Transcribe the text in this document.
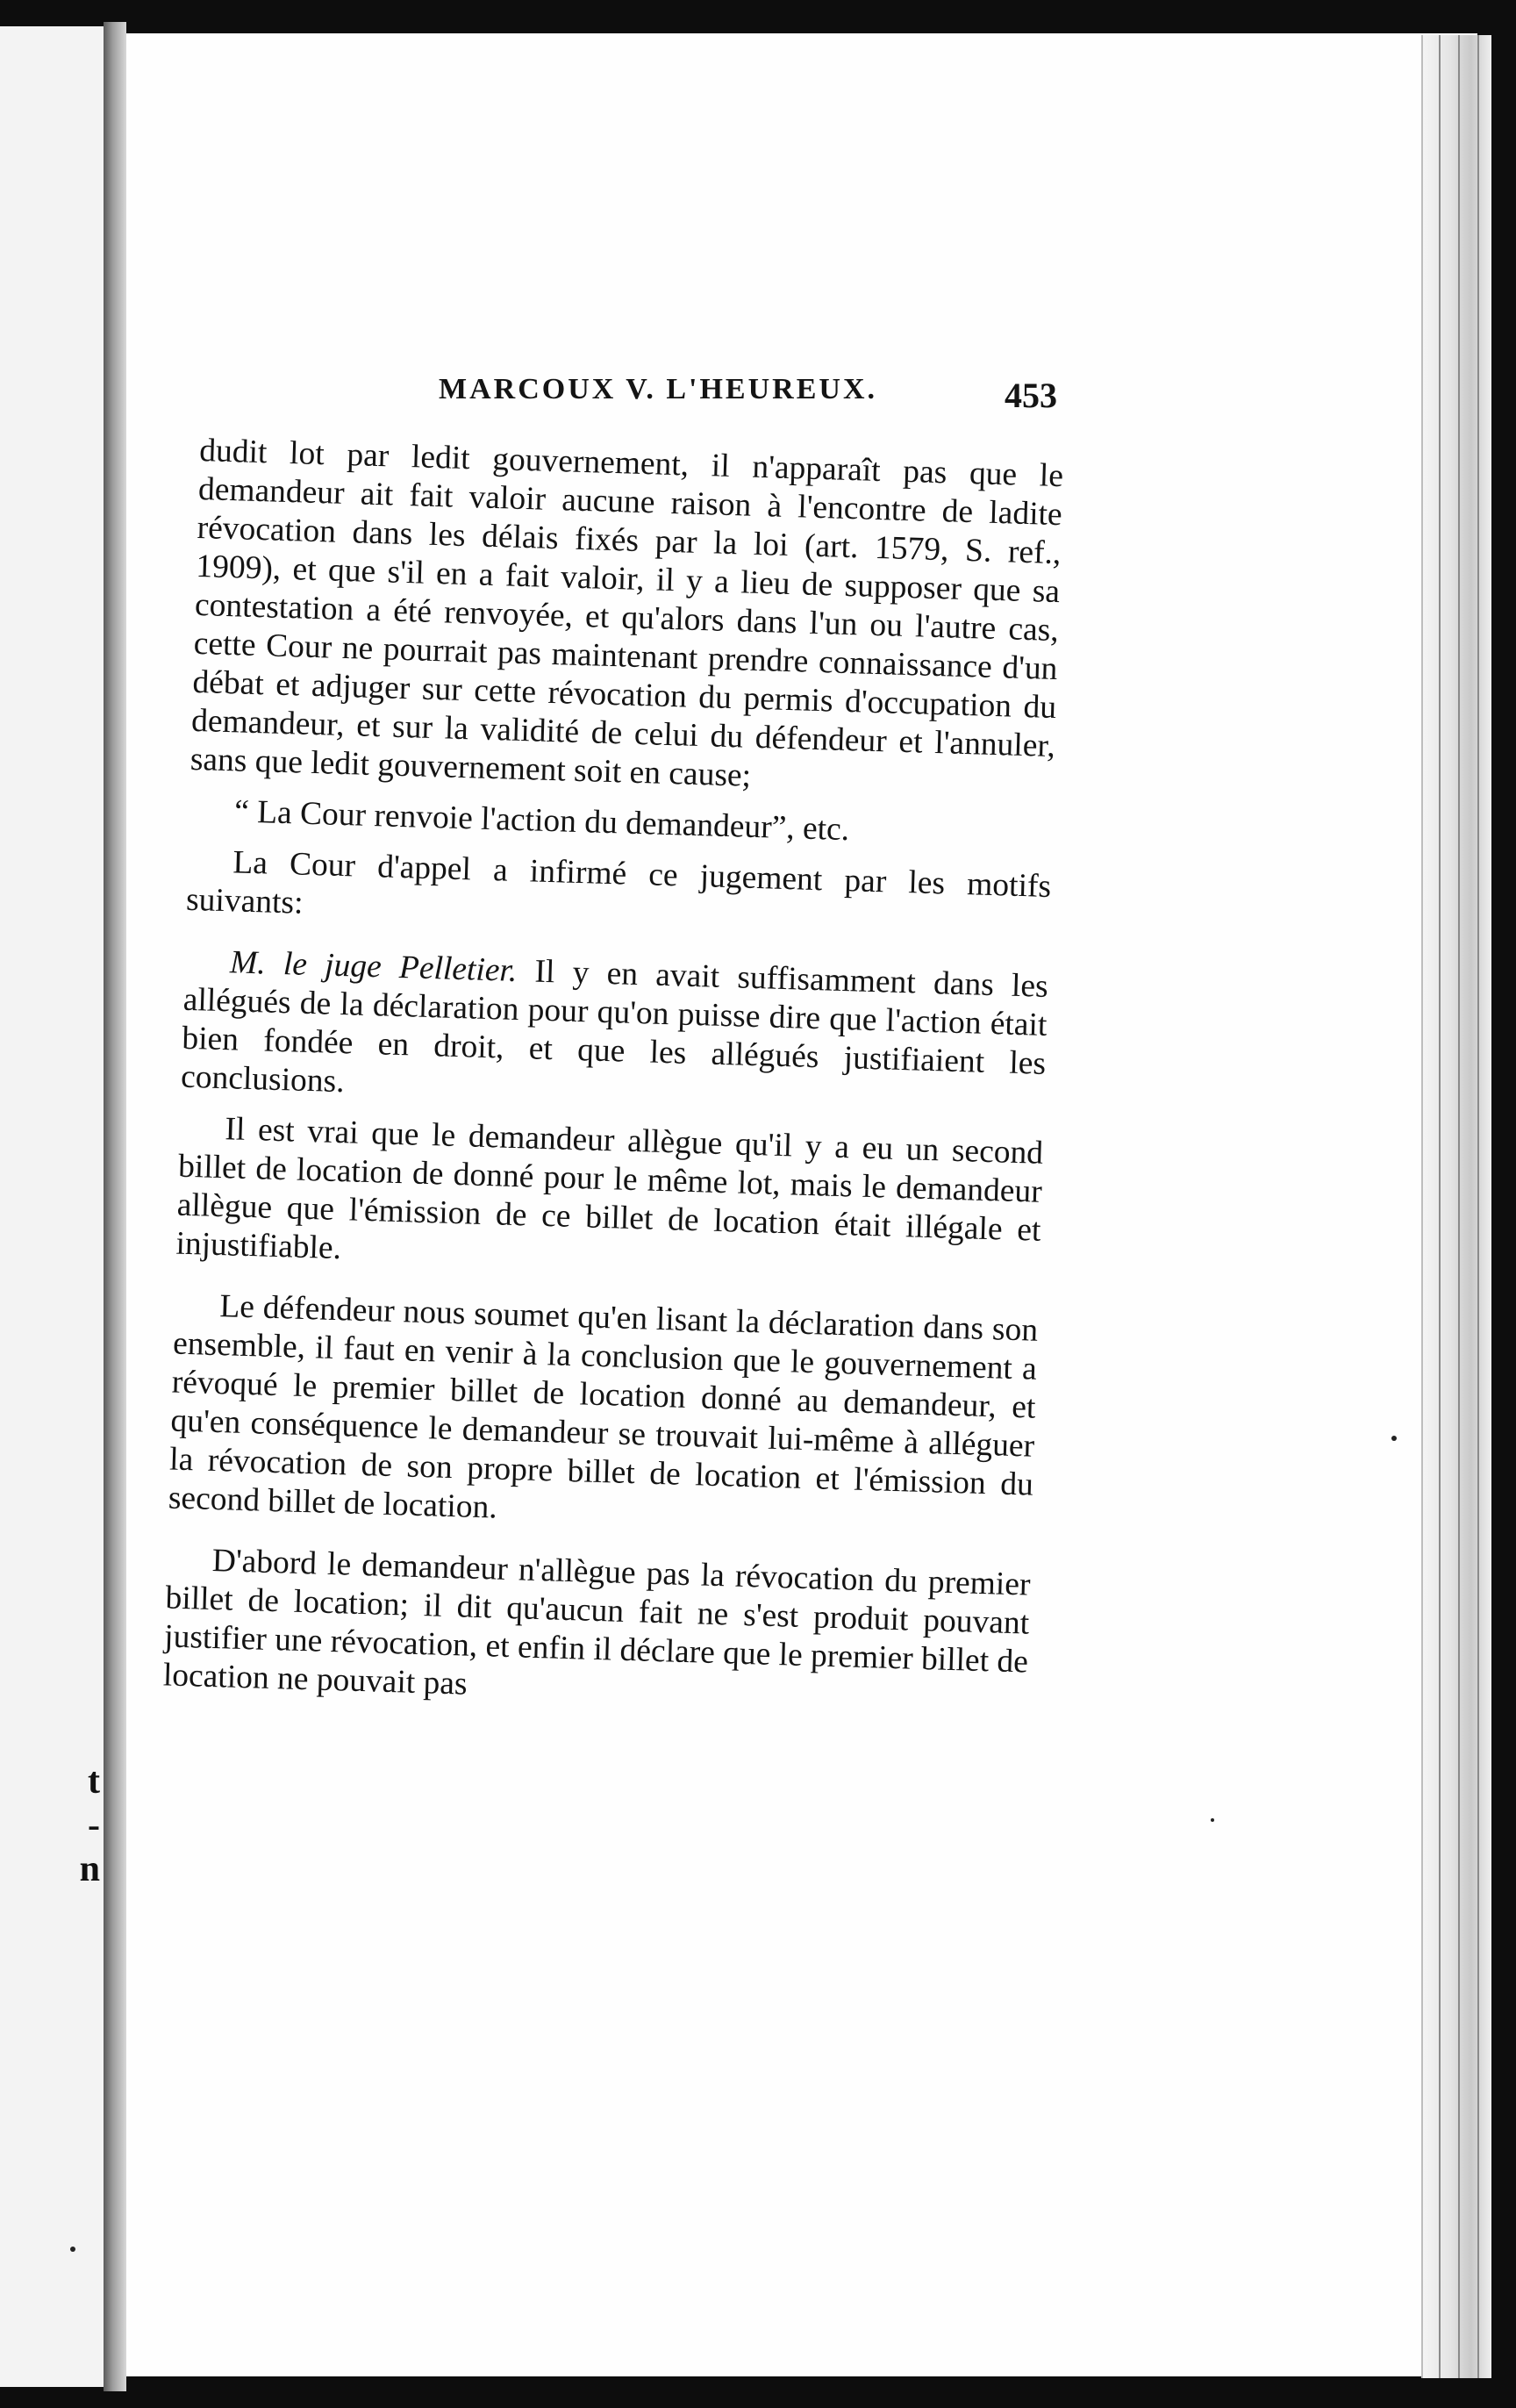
t
-
n
MARCOUX V. L'HEUREUX.	453

dudit lot par ledit gouvernement, il n'apparaît pas que le demandeur ait fait valoir aucune raison à l'encontre de ladite révocation dans les délais fixés par la loi (art. 1579, S. ref., 1909), et que s'il en a fait valoir, il y a lieu de supposer que sa contestation a été renvoyée, et qu'alors dans l'un ou l'autre cas, cette Cour ne pourrait pas maintenant prendre connaissance d'un débat et adjuger sur cette révocation du permis d'occupation du demandeur, et sur la validité de celui du défendeur et l'annuler, sans que ledit gouvernement soit en cause;

“ La Cour renvoie l'action du demandeur”, etc.

La Cour d'appel a infirmé ce jugement par les motifs suivants:

M. le juge Pelletier. Il y en avait suffisamment dans les allégués de la déclaration pour qu'on puisse dire que l'action était bien fondée en droit, et que les allégués justifiaient les conclusions.

Il est vrai que le demandeur allègue qu'il y a eu un second billet de location de donné pour le même lot, mais le demandeur allègue que l'émission de ce billet de location était illégale et injustifiable.

Le défendeur nous soumet qu'en lisant la déclaration dans son ensemble, il faut en venir à la conclusion que le gouvernement a révoqué le premier billet de location donné au demandeur, et qu'en conséquence le demandeur se trouvait lui-même à alléguer la révocation de son propre billet de location et l'émission du second billet de location.

D'abord le demandeur n'allègue pas la révocation du premier billet de location; il dit qu'aucun fait ne s'est produit pouvant justifier une révocation, et enfin il déclare que le premier billet de location ne pouvait pas
